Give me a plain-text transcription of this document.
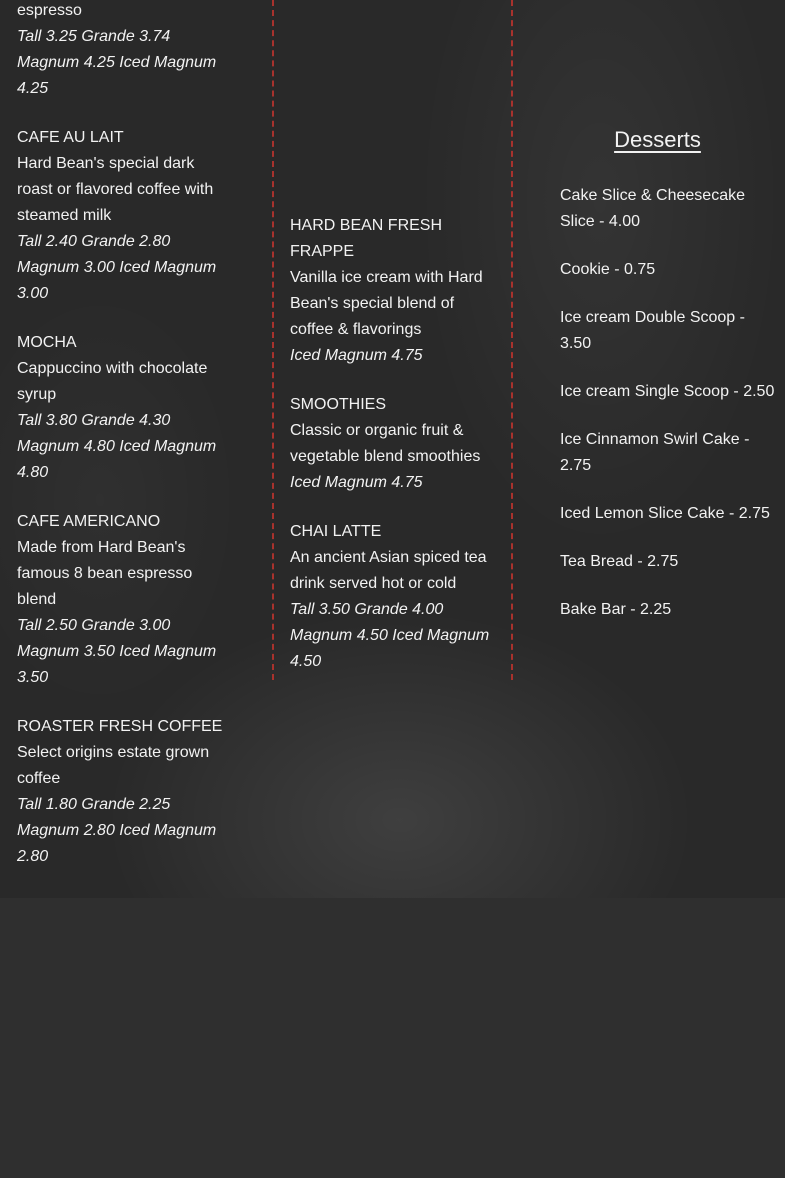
espresso
Tall 3.25 Grande 3.74 Magnum 4.25 Iced Magnum 4.25
CAFE AU LAIT
Hard Bean's special dark roast or flavored coffee with steamed milk
Tall 2.40 Grande 2.80 Magnum 3.00 Iced Magnum 3.00
MOCHA
Cappuccino with chocolate syrup
Tall 3.80 Grande 4.30 Magnum 4.80 Iced Magnum 4.80
CAFE AMERICANO
Made from Hard Bean's famous 8 bean espresso blend
Tall 2.50 Grande 3.00 Magnum 3.50 Iced Magnum 3.50
ROASTER FRESH COFFEE
Select origins estate grown coffee
Tall 1.80 Grande 2.25 Magnum 2.80 Iced Magnum 2.80
HARD BEAN FRESH FRAPPE
Vanilla ice cream with Hard Bean's special blend of coffee & flavorings
Iced Magnum 4.75
SMOOTHIES
Classic or organic fruit & vegetable blend smoothies
Iced Magnum 4.75
CHAI LATTE
An ancient Asian spiced tea drink served hot or cold
Tall 3.50 Grande 4.00 Magnum 4.50 Iced Magnum 4.50
Desserts
Cake Slice & Cheesecake Slice - 4.00
Cookie - 0.75
Ice cream Double Scoop - 3.50
Ice cream Single Scoop - 2.50
Ice Cinnamon Swirl Cake - 2.75
Iced Lemon Slice Cake - 2.75
Tea Bread - 2.75
Bake Bar - 2.25
